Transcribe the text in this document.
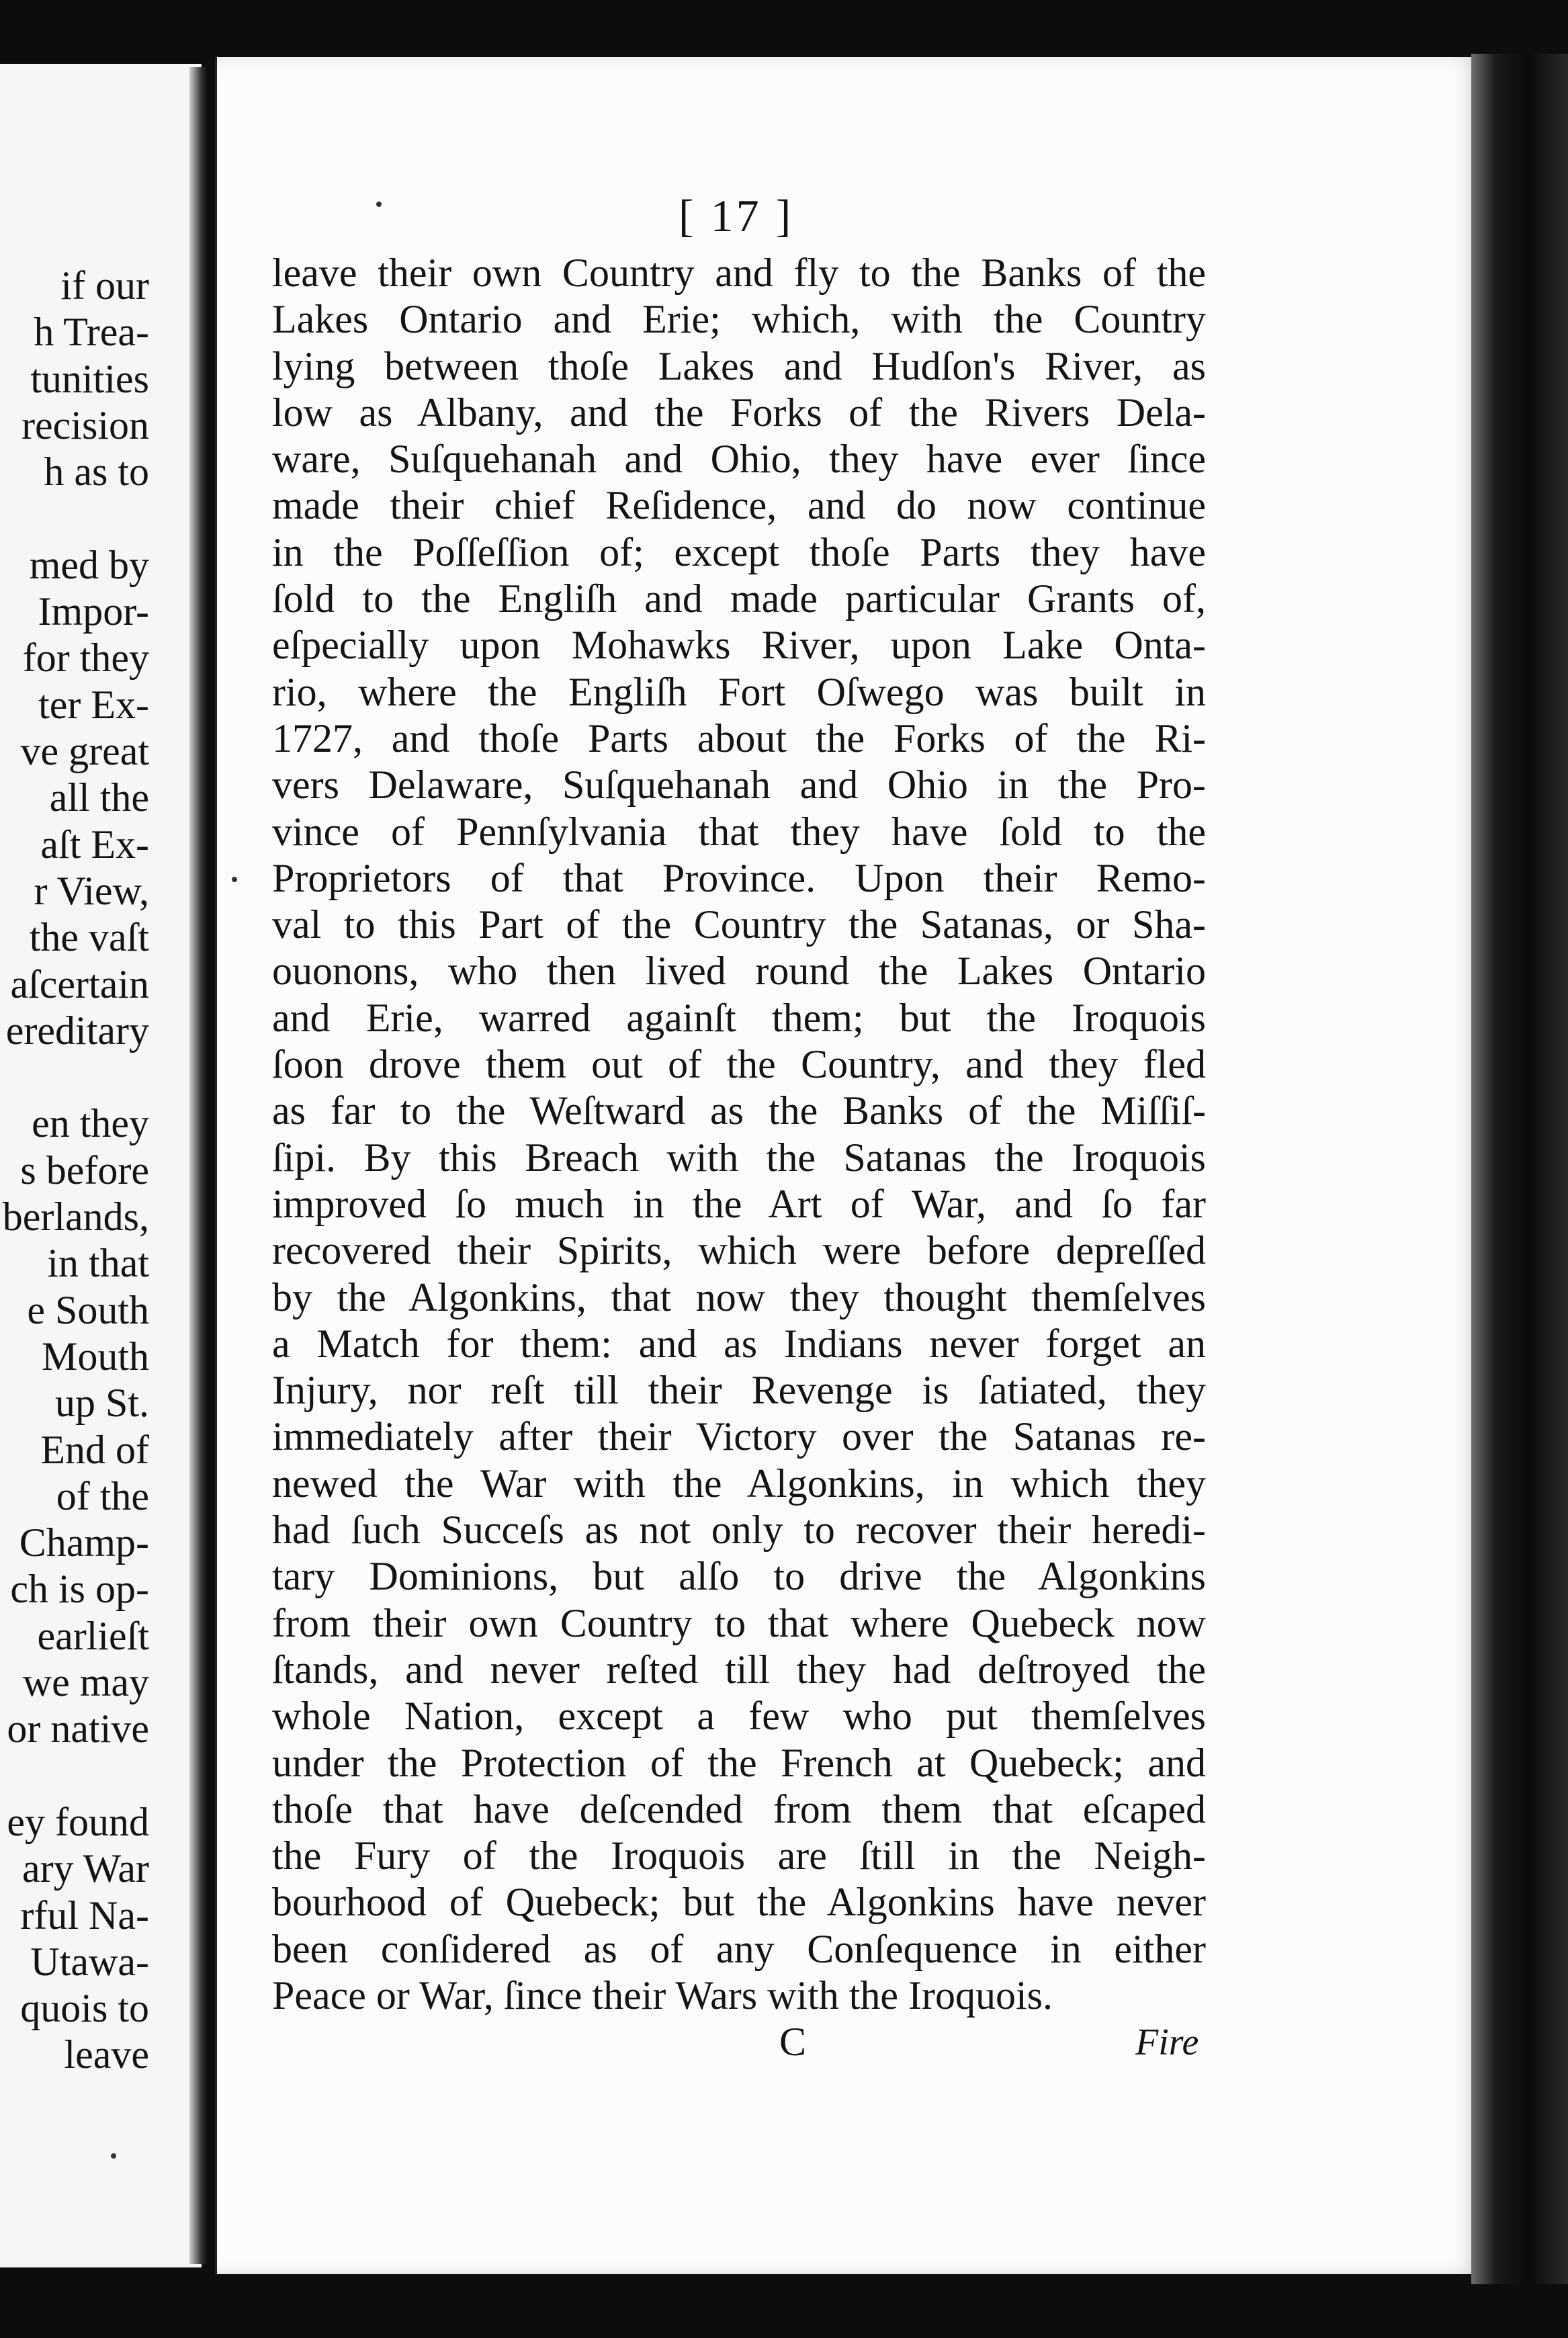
if our
h Trea-
tunities
recision
h as to
med by
Impor-
for they
ter Ex-
ve great
all the
aſt Ex-
r View,
the vaſt
aſcertain
ereditary
en they
s before
berlands,
in that
e South
Mouth
up St.
End of
of the
Champ-
ch is op-
earlieſt
we may
or native
ey found
ary War
rful Na-
Utawa-
quois to
leave
[ 17 ]
leave their own Country and fly to the Banks of the
Lakes Ontario and Erie; which, with the Country
lying between thoſe Lakes and Hudſon's River, as
low as Albany, and the Forks of the Rivers Dela-
ware, Suſquehanah and Ohio, they have ever ſince
made their chief Reſidence, and do now continue
in the Poſſeſſion of; except thoſe Parts they have
ſold to the Engliſh and made particular Grants of,
eſpecially upon Mohawks River, upon Lake Onta-
rio, where the Engliſh Fort Oſwego was built in
1727, and thoſe Parts about the Forks of the Ri-
vers Delaware, Suſquehanah and Ohio in the Pro-
vince of Pennſylvania that they have ſold to the
Proprietors of that Province. Upon their Remo-
val to this Part of the Country the Satanas, or Sha-
ouonons, who then lived round the Lakes Ontario
and Erie, warred againſt them; but the Iroquois
ſoon drove them out of the Country, and they fled
as far to the Weſtward as the Banks of the Miſſiſ-
ſipi. By this Breach with the Satanas the Iroquois
improved ſo much in the Art of War, and ſo far
recovered their Spirits, which were before depreſſed
by the Algonkins, that now they thought themſelves
a Match for them: and as Indians never forget an
Injury, nor reſt till their Revenge is ſatiated, they
immediately after their Victory over the Satanas re-
newed the War with the Algonkins, in which they
had ſuch Succeſs as not only to recover their heredi-
tary Dominions, but alſo to drive the Algonkins
from their own Country to that where Quebeck now
ſtands, and never reſted till they had deſtroyed the
whole Nation, except a few who put themſelves
under the Protection of the French at Quebeck; and
thoſe that have deſcended from them that eſcaped
the Fury of the Iroquois are ſtill in the Neigh-
bourhood of Quebeck; but the Algonkins have never
been conſidered as of any Conſequence in either
Peace or War, ſince their Wars with the Iroquois.
C	Fire
